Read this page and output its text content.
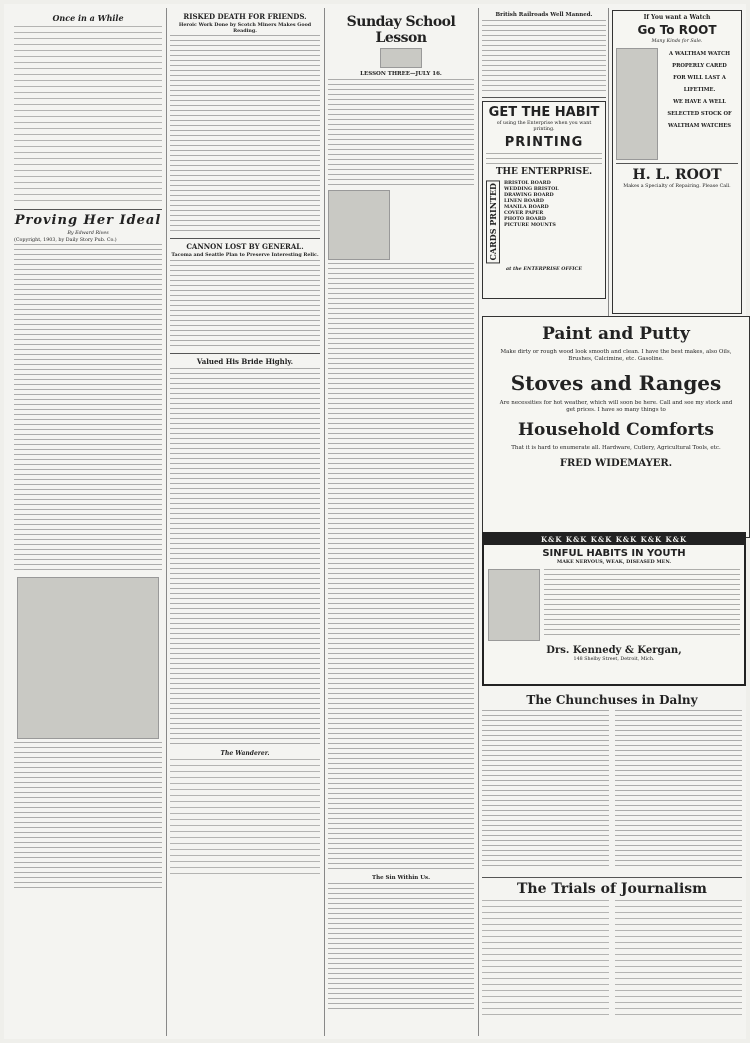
Once in a While
Proving Her Ideal
By Edward Rives
(Copyright, 1903, by Daily Story Pub. Co.)
RISKED DEATH FOR FRIENDS.
Heroic Work Done by Scotch Miners Makes Good Reading.
CANNON LOST BY GENERAL.
Tacoma and Seattle Plan to Preserve Interesting Relic.
Valued His Bride Highly.
The Wanderer.
Sunday School Lesson
LESSON THREE—JULY 16.
The Sin Within Us.
British Railroads Well Manned.
GET THE HABIT
of using the Enterprise when you want printing.
PRINTING
THE ENTERPRISE.
CARDS PRINTED	BRISTOL BOARD
WEDDING BRISTOL
DRAWING BOARD
LINEN BOARD
MANILA BOARD
COVER PAPER
PHOTO BOARD
PICTURE MOUNTS
at the ENTERPRISE OFFICE
If You want a Watch
Go To ROOT
Many Kinds for Sale.
A WALTHAM WATCH
PROPERLY CARED
FOR WILL LAST A
LIFETIME.
WE HAVE A WELL
SELECTED STOCK OF
WALTHAM WATCHES
H. L. ROOT
Makes a Specialty of Repairing. Please Call.
Paint and Putty
Make dirty or rough wood look smooth and clean. I have the best makes, also Oils, Brushes, Calcimine, etc. Gasoline.
Stoves and Ranges
Are necessities for hot weather, which will soon be here. Call and see my stock and get prices. I have so many things to
Household Comforts
That it is hard to enumerate all. Hardware, Cutlery, Agricultural Tools, etc.
FRED WIDEMAYER.
K&K K&K K&K K&K K&K K&K
SINFUL HABITS IN YOUTH
MAKE NERVOUS, WEAK, DISEASED MEN.
Drs. Kennedy & Kergan,
148 Shelby Street, Detroit, Mich.
The Chunchuses in Dalny
The Trials of Journalism
